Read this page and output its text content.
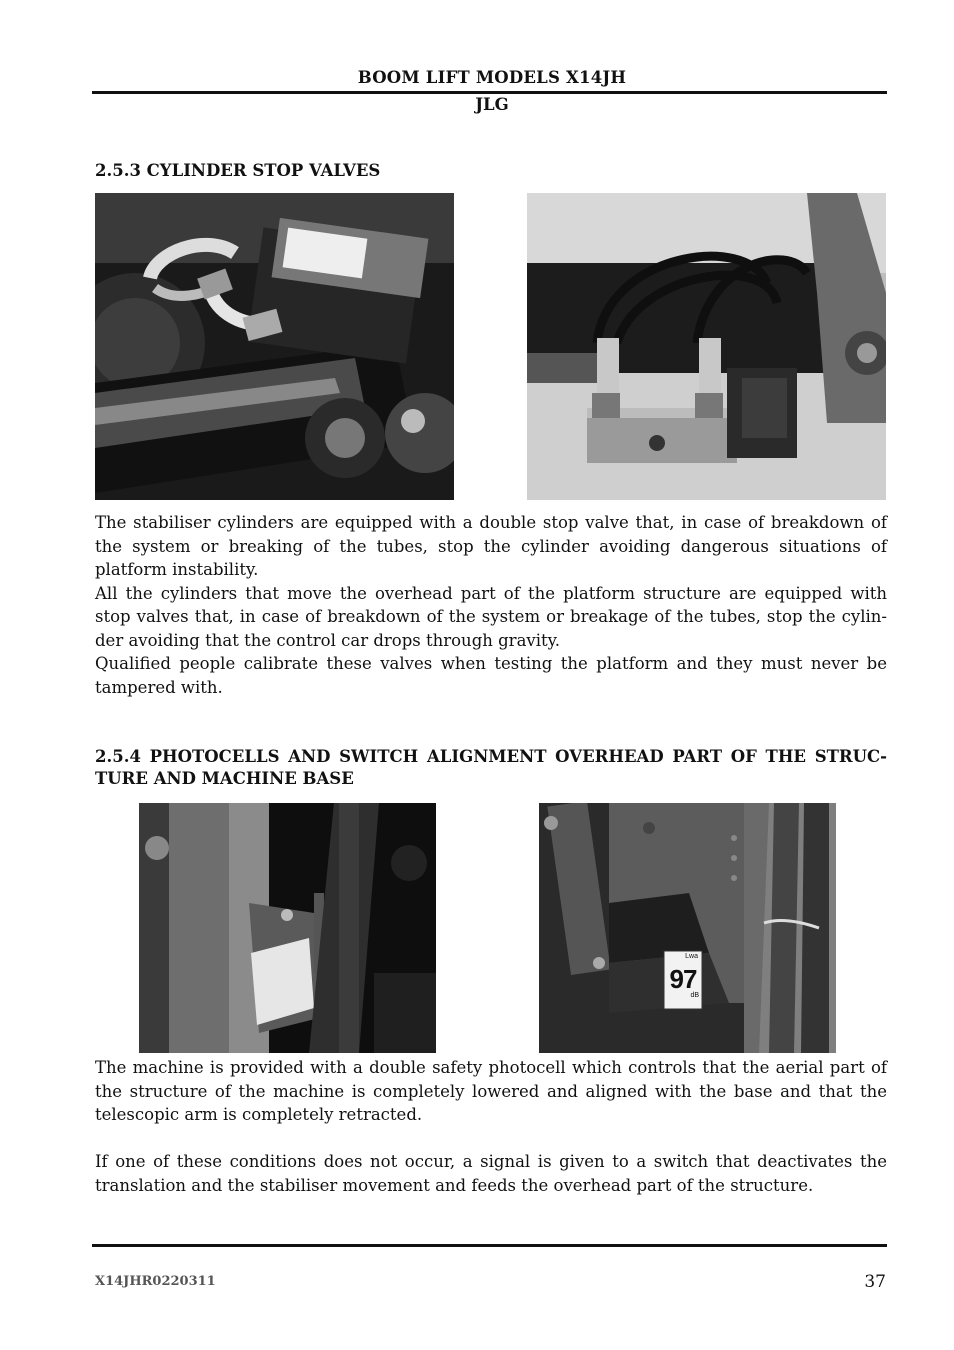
BOOM LIFT MODELS X14JH
JLG
2.5.3 CYLINDER STOP VALVES

The stabiliser cylinders are equipped with a double stop valve that, in case of breakdown of the system or breaking of the tubes, stop the cylinder avoiding dangerous situations of platform instability.

All the cylinders that move the overhead part of the platform structure are equipped with stop valves that, in case of breakdown of the system or breakage of the tubes, stop the cylin-der avoiding that the control car drops through gravity.

Qualified people calibrate these valves when testing the platform and they must never be tampered with.

2.5.4 PHOTOCELLS AND SWITCH ALIGNMENT OVERHEAD PART OF THE STRUC-TURE AND MACHINE BASE
Lwa
97
dB

The machine is provided with a double safety photocell which controls that the aerial part of the structure of the machine is completely lowered and aligned with the base and that the telescopic arm is completely retracted.

If one of these conditions does not occur, a signal is given to a switch that deactivates the translation and the stabiliser movement and feeds the overhead part of the structure.

X14JHR0220311	37
